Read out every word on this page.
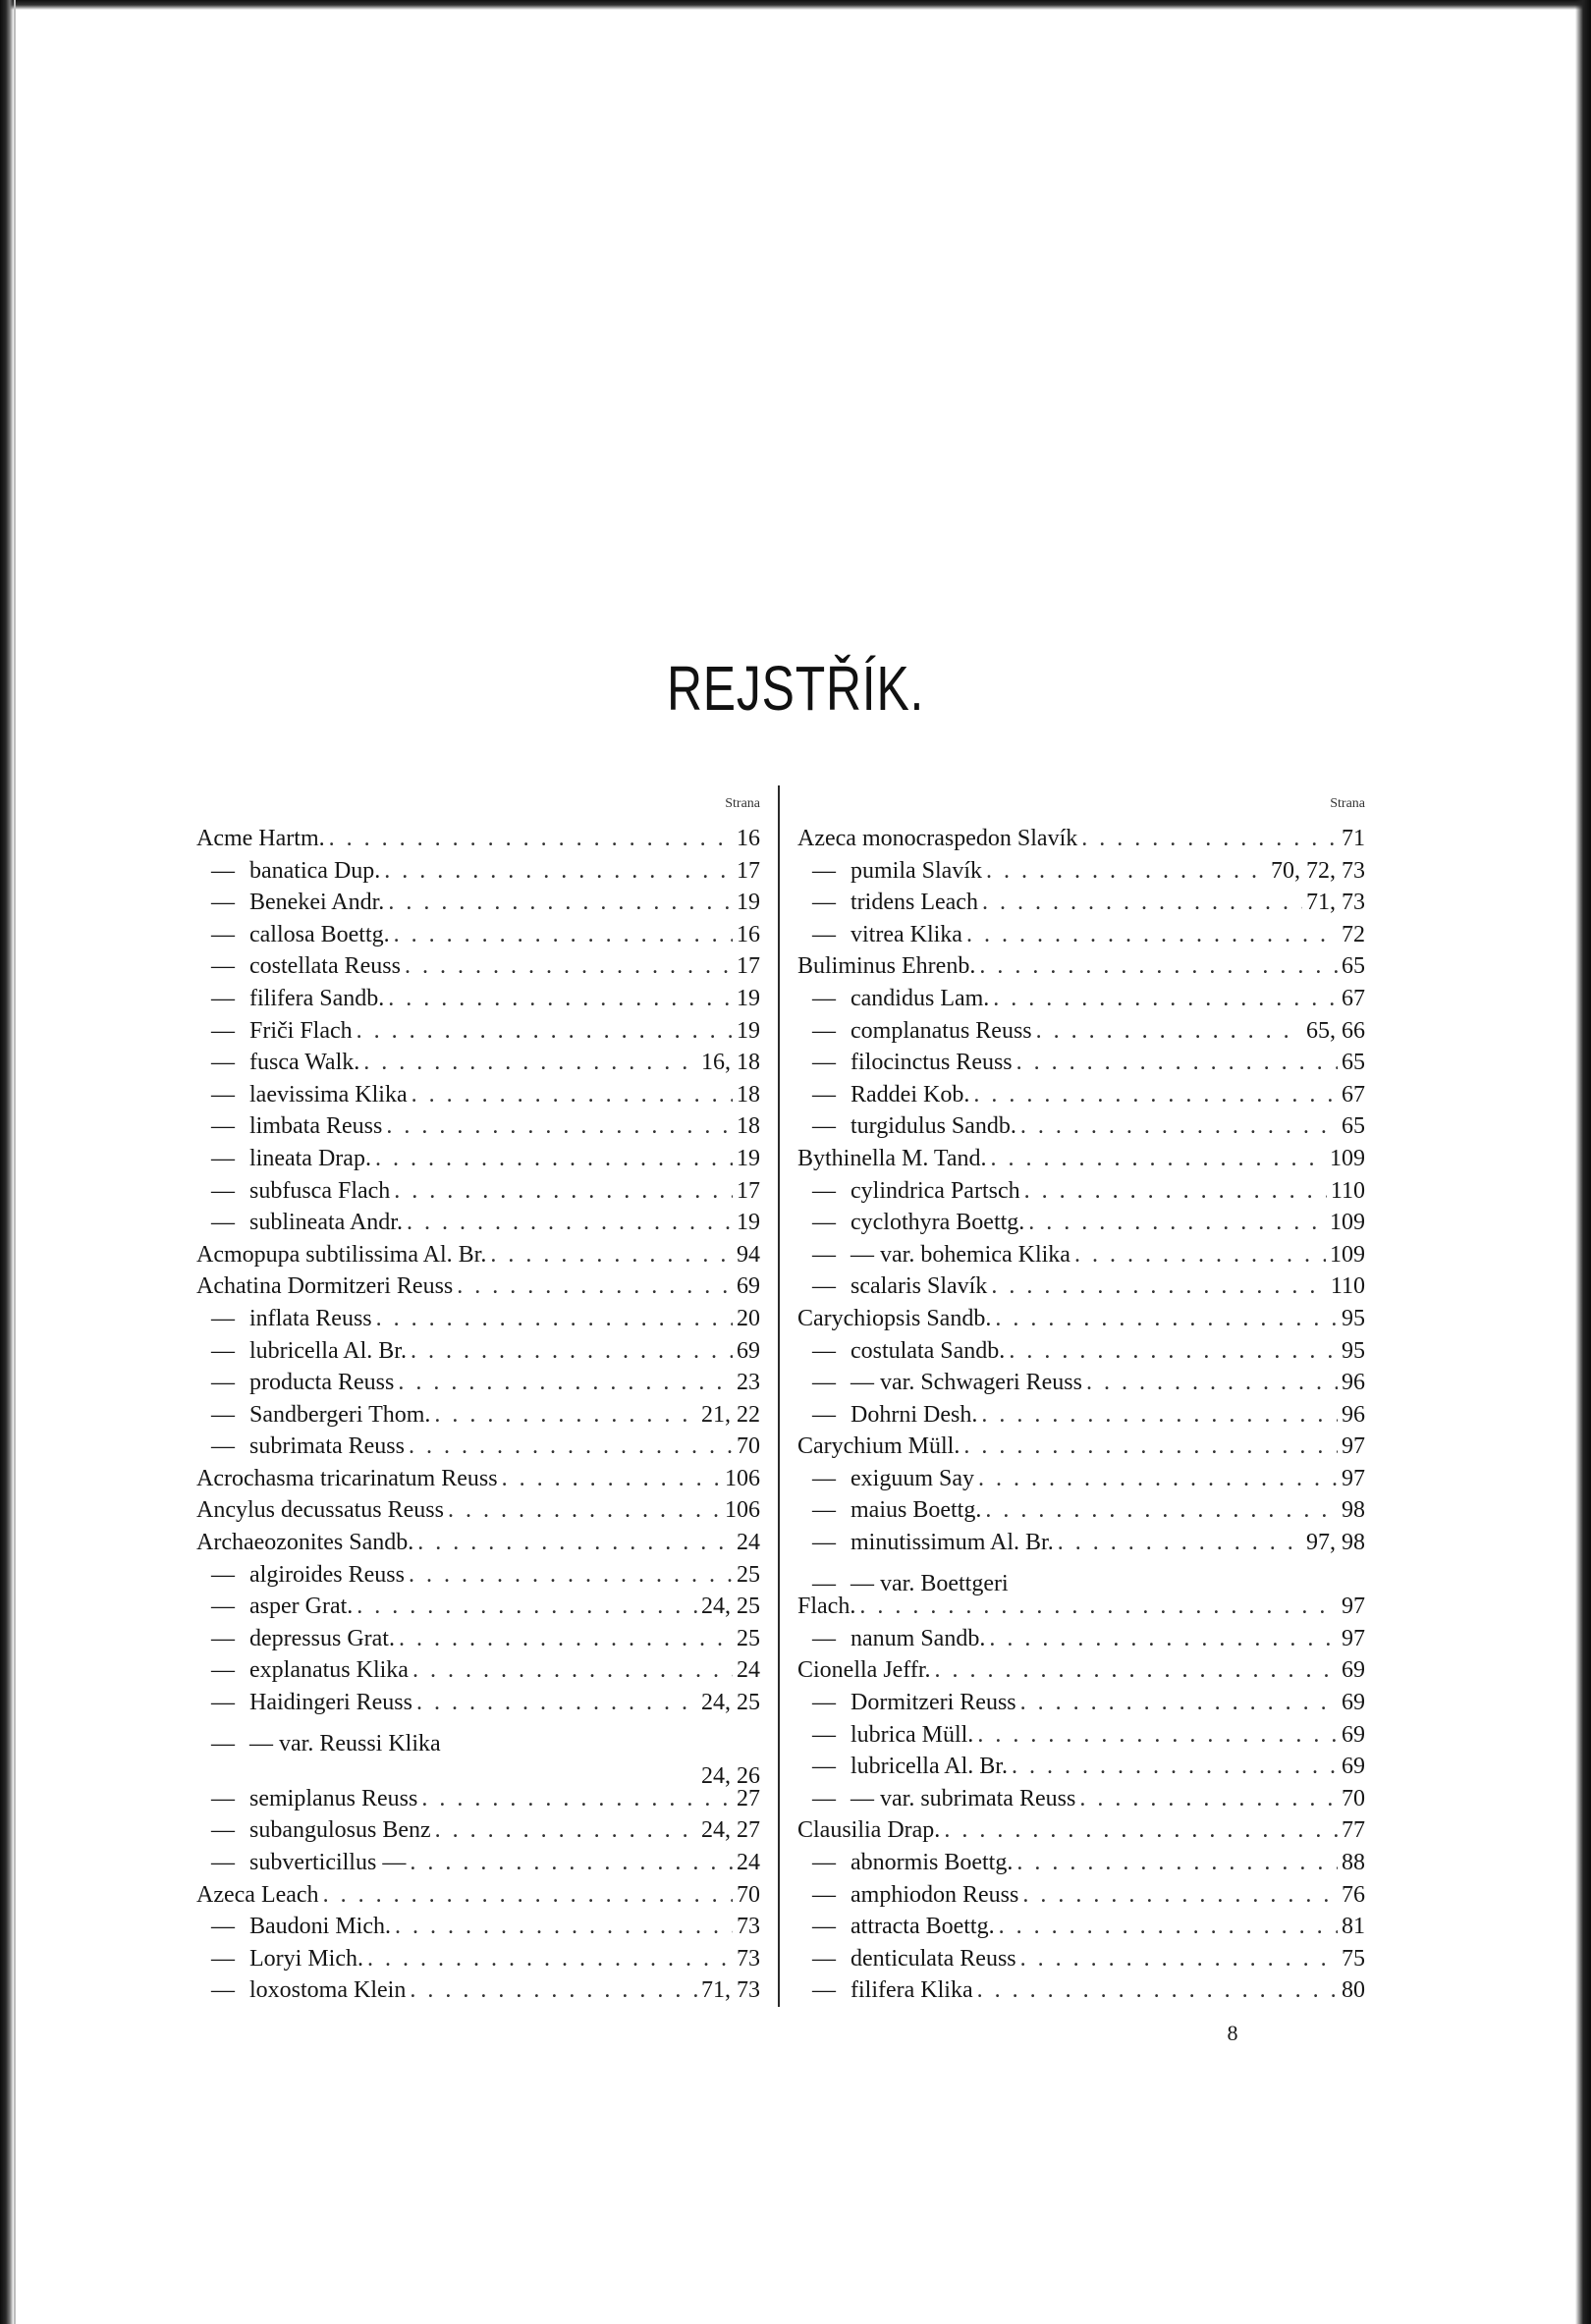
REJSTŘÍK.
Strana
Acme Hartm. . . .	16
— banatica Dup. . . .	17
— Benekei Andr. . . .	19
— callosa Boettg. . . .	16
— costellata Reuss . . .	17
— filifera Sandb. . . .	19
— Friči Flach . . .	19
— fusca Walk. . . .	16, 18
— laevissima Klika . . .	18
— limbata Reuss . . .	18
— lineata Drap. . . .	19
— subfusca Flach . . .	17
— sublineata Andr. . . .	19
Acmopupa subtilissima Al. Br. . . .	94
Achatina Dormitzeri Reuss . . .	69
— inflata Reuss . . .	20
— lubricella Al. Br. . . .	69
— producta Reuss . . .	23
— Sandbergeri Thom. . . .	21, 22
— subrimata Reuss . . .	70
Acrochasma tricarinatum Reuss . . .	106
Ancylus decussatus Reuss . . .	106
Archaeozonites Sandb. . . .	24
— algiroides Reuss . . .	25
— asper Grat. . . .	24, 25
— depressus Grat. . . .	25
— explanatus Klika . . .	24
— Haidingeri Reuss . . .	24, 25
— — var. Reussi Klika
24, 26
— semiplanus Reuss . . .	27
— subangulosus Benz . . .	24, 27
— subverticillus — . . .	24
Azeca Leach . . .	70
— Baudoni Mich. . . .	73
— Loryi Mich. . . .	73
— loxostoma Klein . . .	71, 73
Strana
Azeca monocraspedon Slavík . . .	71
— pumila Slavík . . .	70, 72, 73
— tridens Leach . . .	71, 73
— vitrea Klika . . .	72
Buliminus Ehrenb. . . .	65
— candidus Lam. . . .	67
— complanatus Reuss . . .	65, 66
— filocinctus Reuss . . .	65
— Raddei Kob. . . .	67
— turgidulus Sandb. . . .	65
Bythinella M. Tand. . . .	109
— cylindrica Partsch . . .	110
— cyclothyra Boettg. . . .	109
— — var. bohemica Klika . . .	109
— scalaris Slavík . . .	110
Carychiopsis Sandb. . . .	95
— costulata Sandb. . . .	95
— — var. Schwageri Reuss . . .	96
— Dohrni Desh. . . .	96
Carychium Müll. . . .	97
— exiguum Say . . .	97
— maius Boettg. . . .	98
— minutissimum Al. Br. . . .	97, 98
— — var. Boettgeri
Flach. . . .	97
— nanum Sandb. . . .	97
Cionella Jeffr. . . .	69
— Dormitzeri Reuss . . .	69
— lubrica Müll. . . .	69
— lubricella Al. Br. . . .	69
— — var. subrimata Reuss . . .	70
Clausilia Drap. . . .	77
— abnormis Boettg. . . .	88
— amphiodon Reuss . . .	76
— attracta Boettg. . . .	81
— denticulata Reuss . . .	75
— filifera Klika . . .	80
8
